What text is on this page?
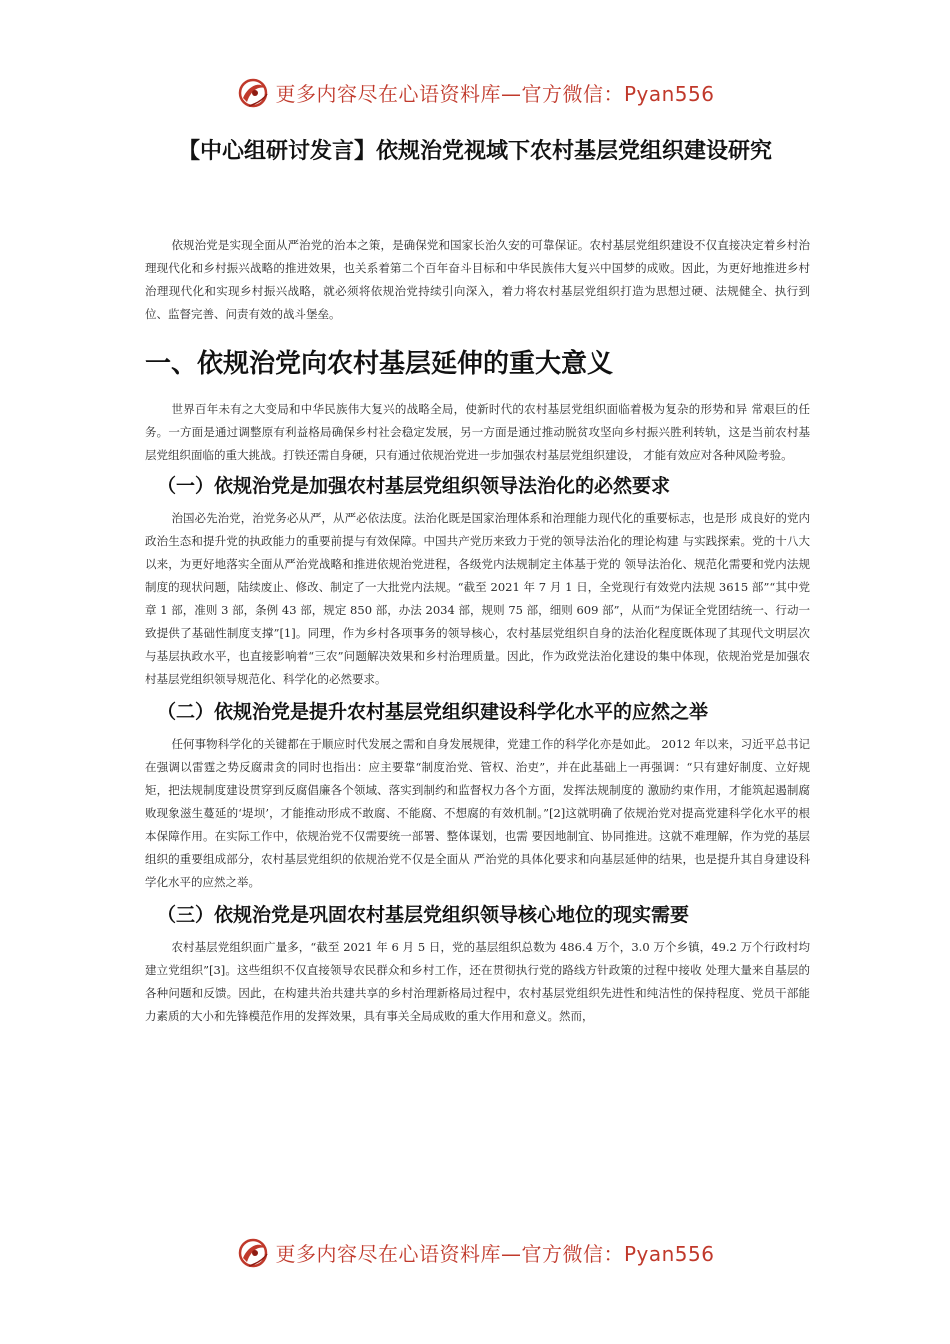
更多内容尽在心语资料库—官方微信：Pyan556
【中心组研讨发言】依规治党视域下农村基层党组织建设研究

依规治党是实现全面从严治党的治本之策，是确保党和国家长治久安的可靠保证。农村基层党组织建设不仅直接决定着乡村治理现代化和乡村振兴战略的推进效果，也关系着第二个百年奋斗目标和中华民族伟大复兴中国梦的成败。因此，为更好地推进乡村治理现代化和实现乡村振兴战略，就必须将依规治党持续引向深入，着力将农村基层党组织打造为思想过硬、法规健全、执行到位、监督完善、问责有效的战斗堡垒。

一、依规治党向农村基层延伸的重大意义

世界百年未有之大变局和中华民族伟大复兴的战略全局，使新时代的农村基层党组织面临着极为复杂的形势和异 常艰巨的任务。一方面是通过调整原有利益格局确保乡村社会稳定发展，另一方面是通过推动脱贫攻坚向乡村振兴胜利转轨，这是当前农村基层党组织面临的重大挑战。打铁还需自身硬，只有通过依规治党进一步加强农村基层党组织建设， 才能有效应对各种风险考验。

（一）依规治党是加强农村基层党组织领导法治化的必然要求

治国必先治党，治党务必从严，从严必依法度。法治化既是国家治理体系和治理能力现代化的重要标志，也是形 成良好的党内政治生态和提升党的执政能力的重要前提与有效保障。中国共产党历来致力于党的领导法治化的理论构建 与实践探索。党的十八大以来，为更好地落实全面从严治党战略和推进依规治党进程，各级党内法规制定主体基于党的 领导法治化、规范化需要和党内法规制度的现状问题，陆续废止、修改、制定了一大批党内法规。“截至 2021 年 7 月 1 日，全党现行有效党内法规 3615 部”“其中党章 1 部，准则 3 部，条例 43 部，规定 850 部，办法 2034 部，规则 75 部，细则 609 部”，从而“为保证全党团结统一、行动一致提供了基础性制度支撑”[1]。同理，作为乡村各项事务的领导核心，农村基层党组织自身的法治化程度既体现了其现代文明层次与基层执政水平，也直接影响着“三农”问题解决效果和乡村治理质量。因此，作为政党法治化建设的集中体现，依规治党是加强农村基层党组织领导规范化、科学化的必然要求。

（二）依规治党是提升农村基层党组织建设科学化水平的应然之举

任何事物科学化的关键都在于顺应时代发展之需和自身发展规律，党建工作的科学化亦是如此。 2012 年以来，习近平总书记在强调以雷霆之势反腐肃贪的同时也指出：应主要靠“制度治党、管权、治吏”，并在此基础上一再强调：“只有建好制度、立好规矩，把法规制度建设贯穿到反腐倡廉各个领域、落实到制约和监督权力各个方面，发挥法规制度的 激励约束作用，才能筑起遏制腐败现象滋生蔓延的‘堤坝’，才能推动形成不敢腐、不能腐、不想腐的有效机制。”[2]这就明确了依规治党对提高党建科学化水平的根本保障作用。在实际工作中，依规治党不仅需要统一部署、整体谋划，也需 要因地制宜、协同推进。这就不难理解，作为党的基层组织的重要组成部分，农村基层党组织的依规治党不仅是全面从 严治党的具体化要求和向基层延伸的结果，也是提升其自身建设科学化水平的应然之举。

（三）依规治党是巩固农村基层党组织领导核心地位的现实需要

农村基层党组织面广量多，“截至 2021 年 6 月 5 日，党的基层组织总数为 486.4 万个，3.0 万个乡镇，49.2 万个行政村均建立党组织”[3]。这些组织不仅直接领导农民群众和乡村工作，还在贯彻执行党的路线方针政策的过程中接收 处理大量来自基层的各种问题和反馈。因此，在构建共治共建共享的乡村治理新格局过程中，农村基层党组织先进性和纯洁性的保持程度、党员干部能力素质的大小和先锋模范作用的发挥效果，具有事关全局成败的重大作用和意义。然而，

更多内容尽在心语资料库—官方微信：Pyan556
